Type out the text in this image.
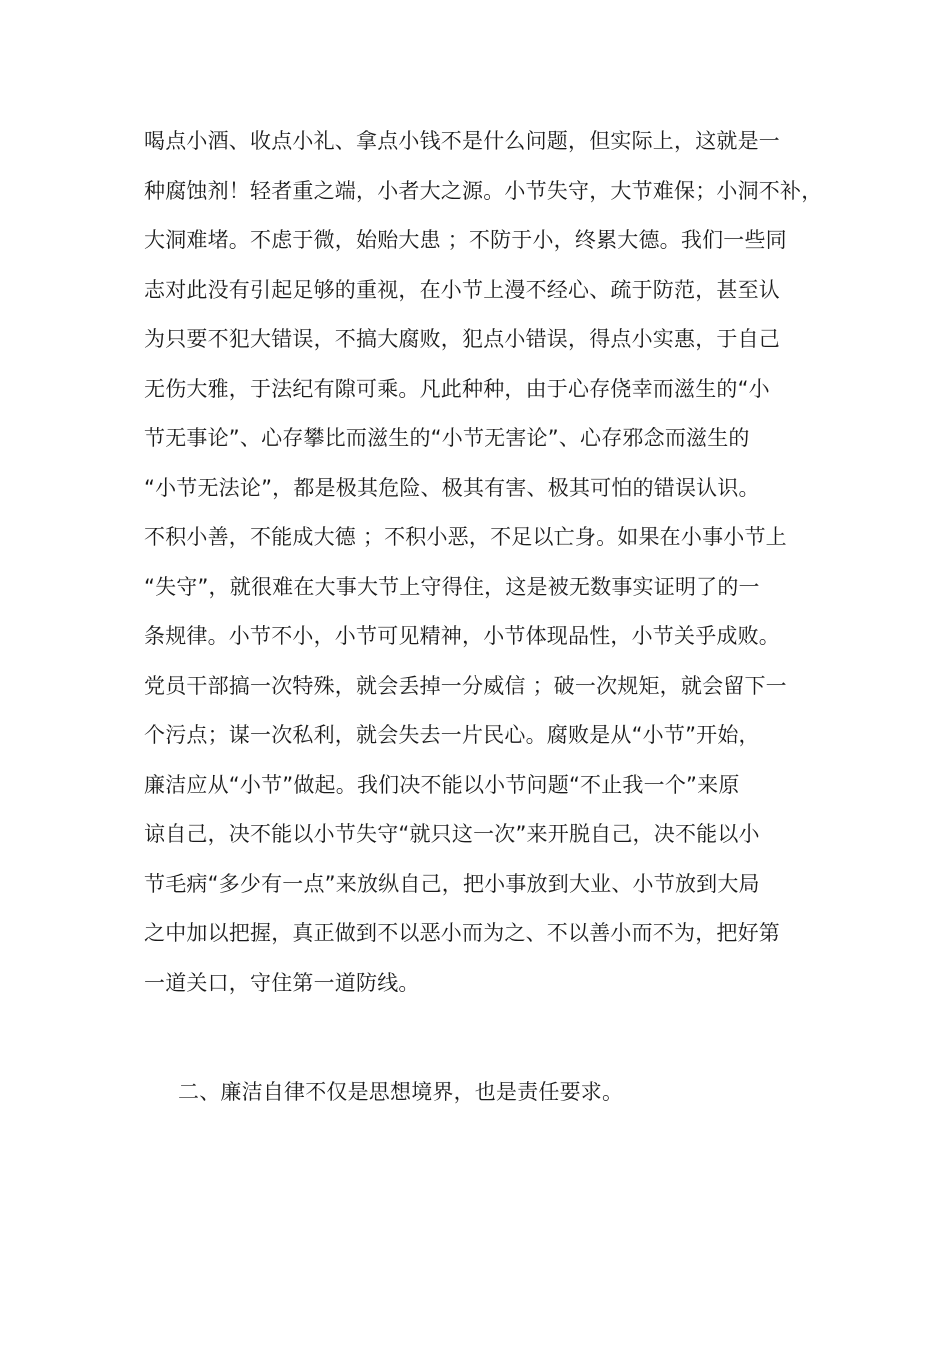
喝点小酒、收点小礼、拿点小钱不是什么问题，但实际上，这就是一
种腐蚀剂！轻者重之端，小者大之源。小节失守，大节难保；小洞不补，
大洞难堵。不虑于微，始贻大患 ；不防于小，终累大德。我们一些同
志对此没有引起足够的重视，在小节上漫不经心、疏于防范，甚至认
为只要不犯大错误，不搞大腐败，犯点小错误，得点小实惠，于自己
无伤大雅，于法纪有隙可乘。凡此种种，由于心存侥幸而滋生的“小
节无事论”、心存攀比而滋生的“小节无害论”、心存邪念而滋生的
“小节无法论”，都是极其危险、极其有害、极其可怕的错误认识。
不积小善，不能成大德 ；不积小恶，不足以亡身。如果在小事小节上
“失守”，就很难在大事大节上守得住，这是被无数事实证明了的一
条规律。小节不小，小节可见精神，小节体现品性，小节关乎成败。
党员干部搞一次特殊，就会丢掉一分威信 ；破一次规矩，就会留下一
个污点；谋一次私利，就会失去一片民心。腐败是从“小节”开始，
廉洁应从“小节”做起。我们决不能以小节问题“不止我一个”来原
谅自己，决不能以小节失守“就只这一次”来开脱自己，决不能以小
节毛病“多少有一点”来放纵自己，把小事放到大业、小节放到大局
之中加以把握，真正做到不以恶小而为之、不以善小而不为，把好第
一道关口，守住第一道防线。
二、廉洁自律不仅是思想境界，也是责任要求。
